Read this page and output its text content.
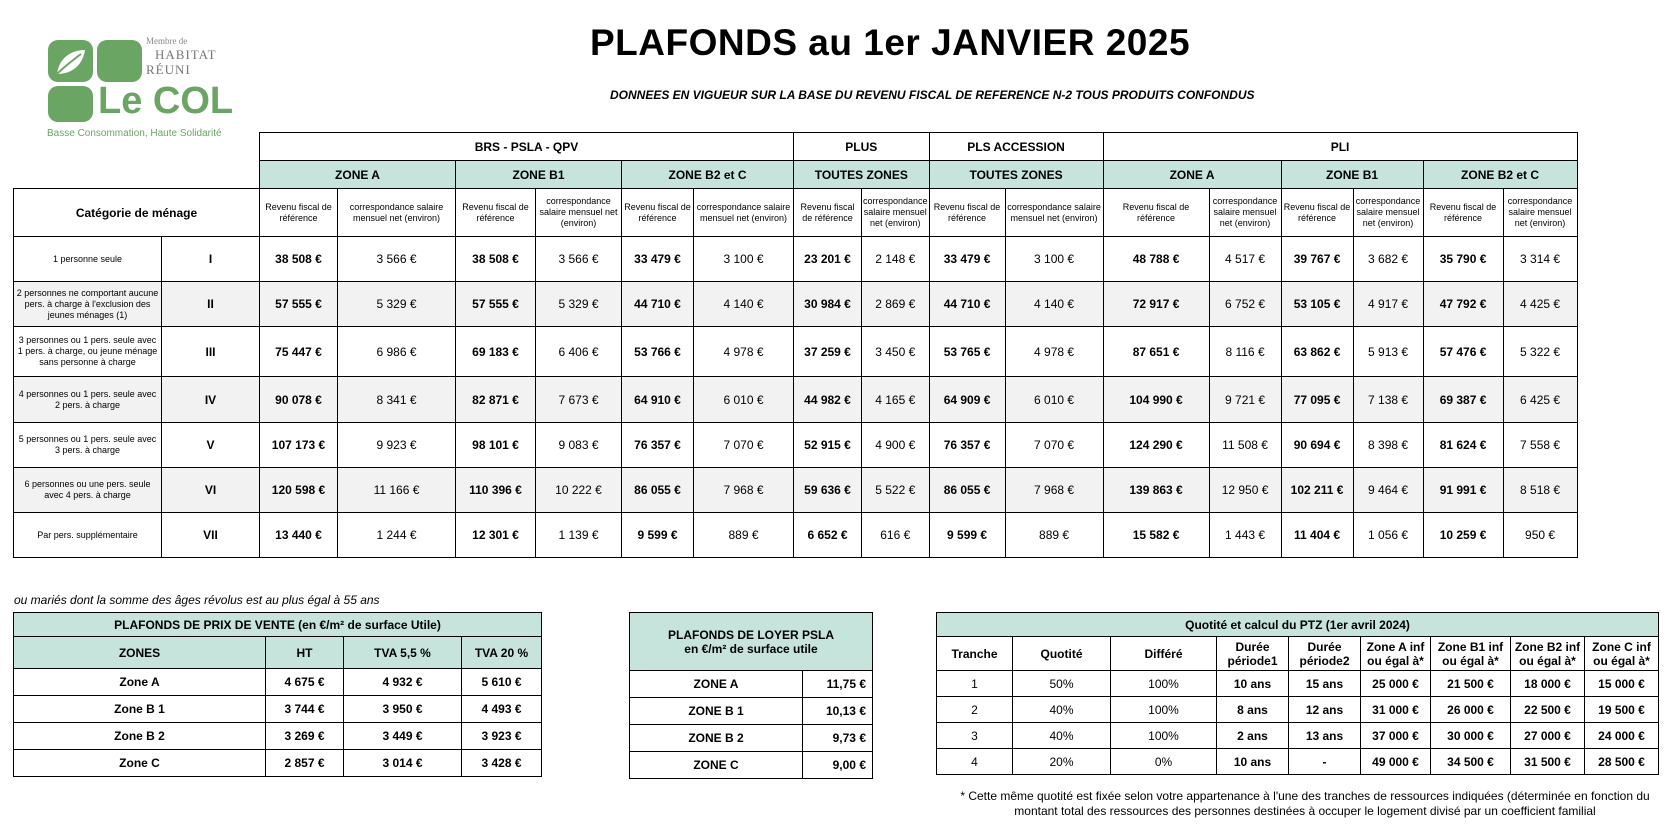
Membre de
HABITAT
RÉUNI
Le COL
Basse Consommation, Haute Solidarité
PLAFONDS au 1er JANVIER 2025
DONNEES EN VIGUEUR SUR LA BASE DU REVENU FISCAL DE REFERENCE N-2 TOUS PRODUITS CONFONDUS
		BRS - PSLA - QPV						PLUS		PLS ACCESSION		PLI					
		ZONE A		ZONE B1		ZONE B2 et C		TOUTES ZONES		TOUTES ZONES		ZONE A		ZONE B1		ZONE B2 et C	
Catégorie de ménage		Revenu fiscal de référence	correspondance salaire mensuel net (environ)	Revenu fiscal de référence	correspondance salaire mensuel net (environ)	Revenu fiscal de référence	correspondance salaire mensuel net (environ)	Revenu fiscal de référence	correspondance salaire mensuel net (environ)	Revenu fiscal de référence	correspondance salaire mensuel net (environ)	Revenu fiscal de référence	correspondance salaire mensuel net (environ)	Revenu fiscal de référence	correspondance salaire mensuel net (environ)	Revenu fiscal de référence	correspondance salaire mensuel net (environ)
1 personne seule	I	38 508 €	3 566 €	38 508 €	3 566 €	33 479 €	3 100 €	23 201 €	2 148 €	33 479 €	3 100 €	48 788 €	4 517 €	39 767 €	3 682 €	35 790 €	3 314 €
2 personnes ne comportant aucune pers. à charge à l'exclusion des jeunes ménages (1)	II	57 555 €	5 329 €	57 555 €	5 329 €	44 710 €	4 140 €	30 984 €	2 869 €	44 710 €	4 140 €	72 917 €	6 752 €	53 105 €	4 917 €	47 792 €	4 425 €
3 personnes ou 1 pers. seule avec 1 pers. à charge, ou jeune ménage sans personne à charge	III	75 447 €	6 986 €	69 183 €	6 406 €	53 766 €	4 978 €	37 259 €	3 450 €	53 765 €	4 978 €	87 651 €	8 116 €	63 862 €	5 913 €	57 476 €	5 322 €
4 personnes ou 1 pers. seule avec 2 pers. à charge	IV	90 078 €	8 341 €	82 871 €	7 673 €	64 910 €	6 010 €	44 982 €	4 165 €	64 909 €	6 010 €	104 990 €	9 721 €	77 095 €	7 138 €	69 387 €	6 425 €
5 personnes ou 1 pers. seule avec 3 pers. à charge	V	107 173 €	9 923 €	98 101 €	9 083 €	76 357 €	7 070 €	52 915 €	4 900 €	76 357 €	7 070 €	124 290 €	11 508 €	90 694 €	8 398 €	81 624 €	7 558 €
6 personnes ou une pers. seule avec 4 pers. à charge	VI	120 598 €	11 166 €	110 396 €	10 222 €	86 055 €	7 968 €	59 636 €	5 522 €	86 055 €	7 968 €	139 863 €	12 950 €	102 211 €	9 464 €	91 991 €	8 518 €
Par pers. supplémentaire	VII	13 440 €	1 244 €	12 301 €	1 139 €	9 599 €	889 €	6 652 €	616 €	9 599 €	889 €	15 582 €	1 443 €	11 404 €	1 056 €	10 259 €	950 €
ou mariés dont la somme des âges révolus est au plus égal à 55 ans
PLAFONDS DE PRIX DE VENTE (en €/m² de surface Utile)			
ZONES	HT	TVA 5,5 %	TVA 20 %
Zone A	4 675 €	4 932 €	5 610 €
Zone B 1	3 744 €	3 950 €	4 493 €
Zone B 2	3 269 €	3 449 €	3 923 €
Zone C	2 857 €	3 014 €	3 428 €
PLAFONDS DE LOYER PSLA
en €/m² de surface utile	

ZONE A	11,75 €
ZONE B 1	10,13 €
ZONE B 2	9,73 €
ZONE C	9,00 €
Quotité et calcul du PTZ (1er avril 2024)								
Tranche	Quotité	Différé	Durée période1	Durée période2	Zone A inf ou égal à*	Zone B1 inf ou égal à*	Zone B2 inf ou égal à*	Zone C inf ou égal à*
1	50%	100%	10 ans	15 ans	25 000 €	21 500 €	18 000 €	15 000 €
2	40%	100%	8 ans	12 ans	31 000 €	26 000 €	22 500 €	19 500 €
3	40%	100%	2 ans	13 ans	37 000 €	30 000 €	27 000 €	24 000 €
4	20%	0%	10 ans	-	49 000 €	34 500 €	31 500 €	28 500 €
* Cette même quotité est fixée selon votre appartenance à l'une des tranches de ressources indiquées (déterminée en fonction du montant total des ressources des personnes destinées à occuper le logement divisé par un coefficient familial
